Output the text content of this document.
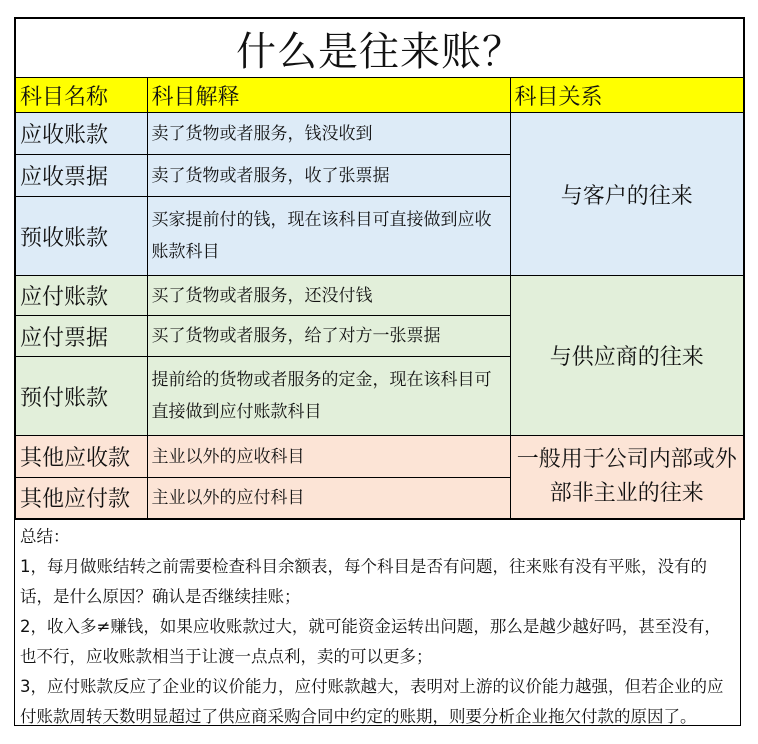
什么是往来账？		
科目名称	科目解释	科目关系
应收账款	卖了货物或者服务，钱没收到	与客户的往来
应收票据	卖了货物或者服务，收了张票据	
预收账款	买家提前付的钱，现在该科目可直接做到应收账款科目	
应付账款	买了货物或者服务，还没付钱	与供应商的往来
应付票据	买了货物或者服务，给了对方一张票据	
预付账款	提前给的货物或者服务的定金，现在该科目可直接做到应付账款科目	
其他应收款	主业以外的应收科目	一般用于公司内部或外部非主业的往来
其他应付款	主业以外的应付科目	

总结：

1，每月做账结转之前需要检查科目余额表，每个科目是否有问题，往来账有没有平账，没有的话，是什么原因？确认是否继续挂账；

2，收入多≠赚钱，如果应收账款过大，就可能资金运转出问题，那么是越少越好吗，甚至没有，也不行，应收账款相当于让渡一点点利，卖的可以更多；

3，应付账款反应了企业的议价能力，应付账款越大，表明对上游的议价能力越强，但若企业的应付账款周转天数明显超过了供应商采购合同中约定的账期，则要分析企业拖欠付款的原因了。
